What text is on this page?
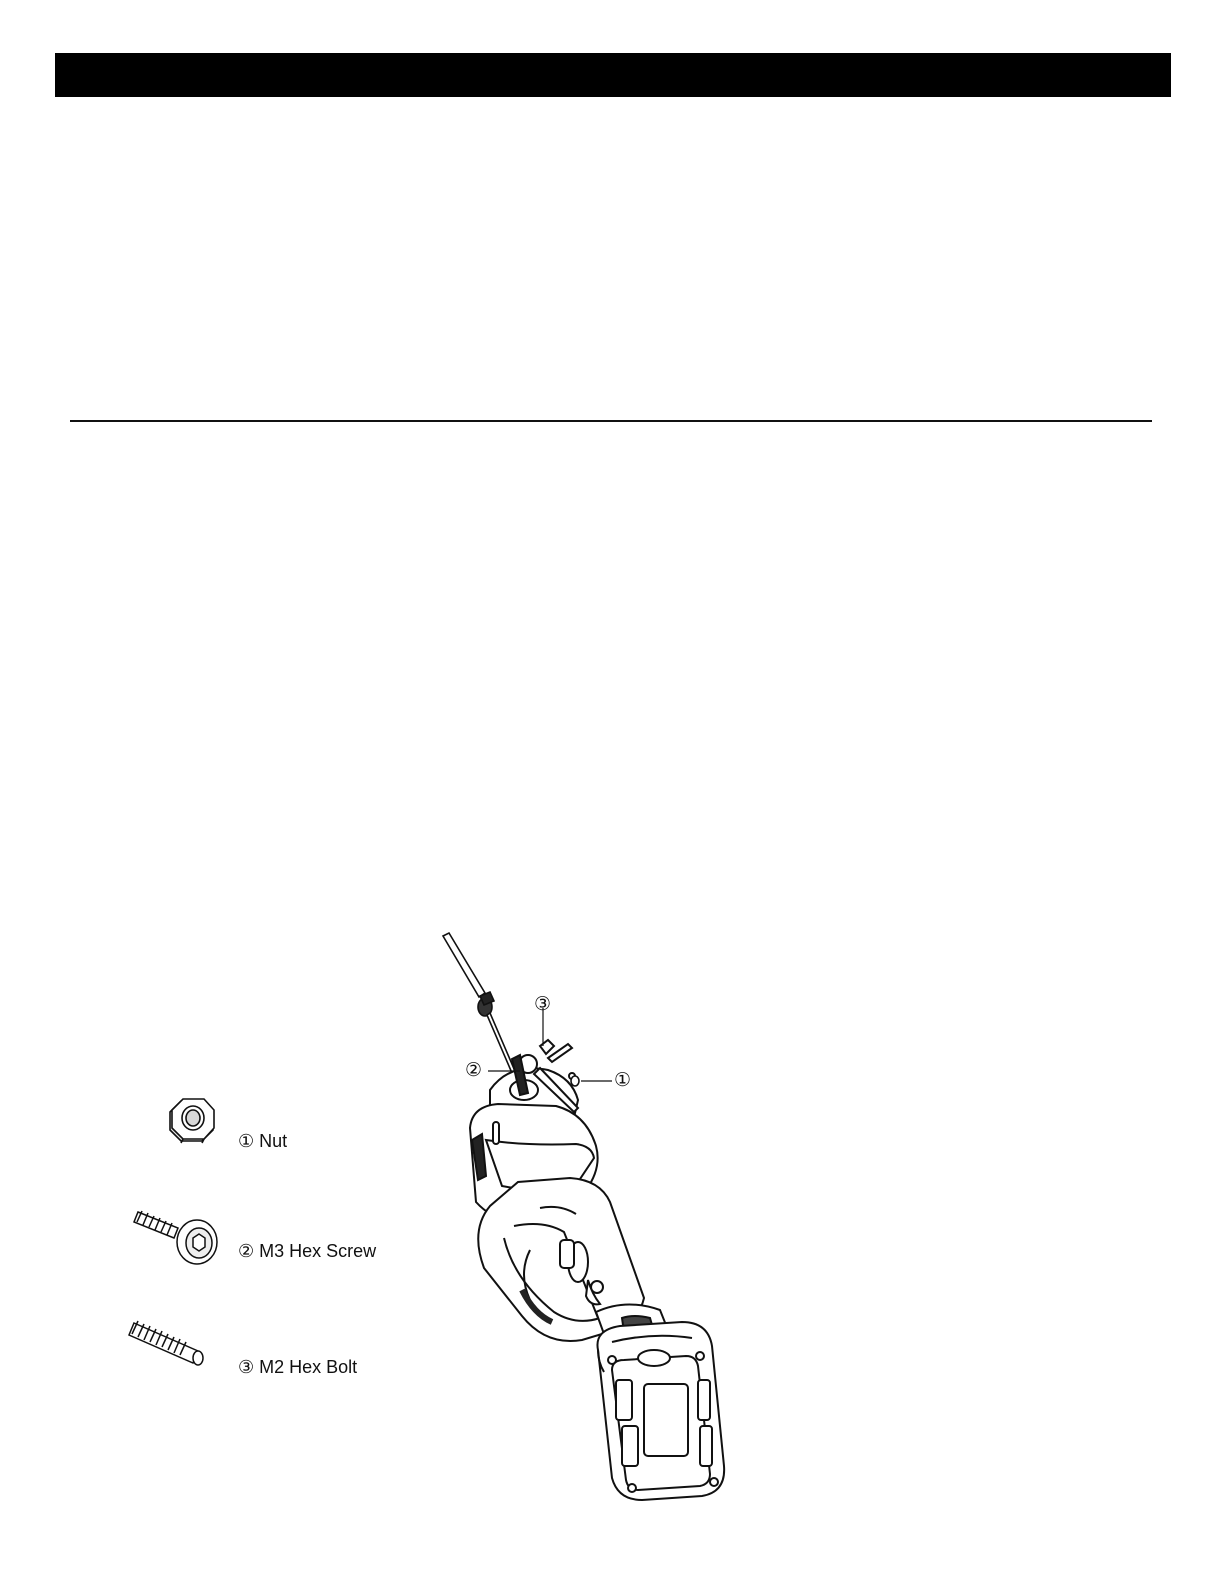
①
②
③
① Nut
② M3 Hex Screw
③ M2 Hex Bolt
